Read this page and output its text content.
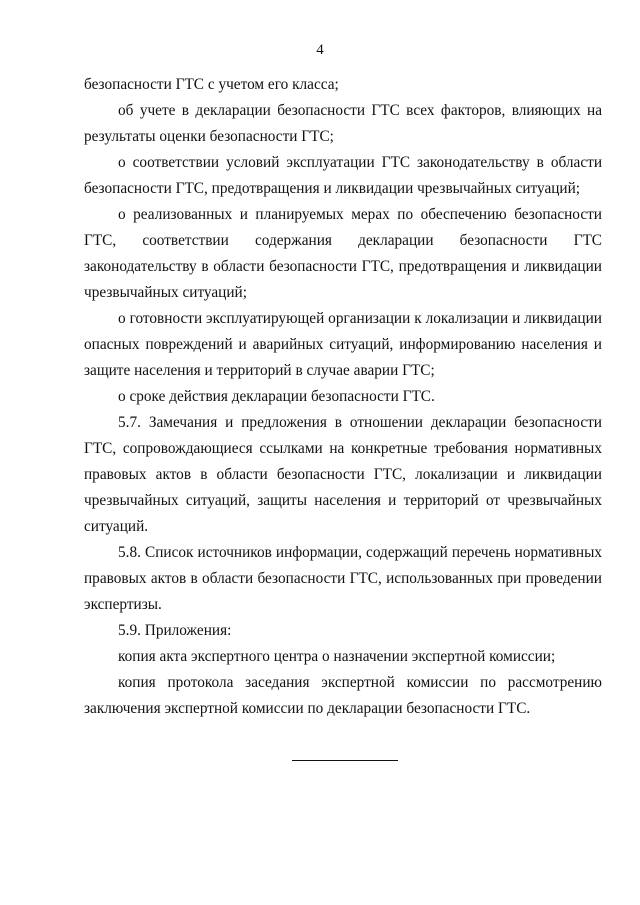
4

безопасности ГТС с учетом его класса;

об учете в декларации безопасности ГТС всех факторов, влияющих на результаты оценки безопасности ГТС;

о соответствии условий эксплуатации ГТС законодательству в области безопасности ГТС, предотвращения и ликвидации чрезвычайных ситуаций;

о реализованных и планируемых мерах по обеспечению безопасности ГТС, соответствии содержания декларации безопасности ГТС законодательству в области безопасности ГТС, предотвращения и ликвидации чрезвычайных ситуаций;

о готовности эксплуатирующей организации к локализации и ликвидации опасных повреждений и аварийных ситуаций, информированию населения и защите населения и территорий в случае аварии ГТС;

о сроке действия декларации безопасности ГТС.

5.7. Замечания и предложения в отношении декларации безопасности ГТС, сопровождающиеся ссылками на конкретные требования нормативных правовых актов в области безопасности ГТС, локализации и ликвидации чрезвычайных ситуаций, защиты населения и территорий от чрезвычайных ситуаций.

5.8. Список источников информации, содержащий перечень нормативных правовых актов в области безопасности ГТС, использованных при проведении экспертизы.

5.9. Приложения:

копия акта экспертного центра о назначении экспертной комиссии;

копия протокола заседания экспертной комиссии по рассмотрению заключения экспертной комиссии по декларации безопасности ГТС.
